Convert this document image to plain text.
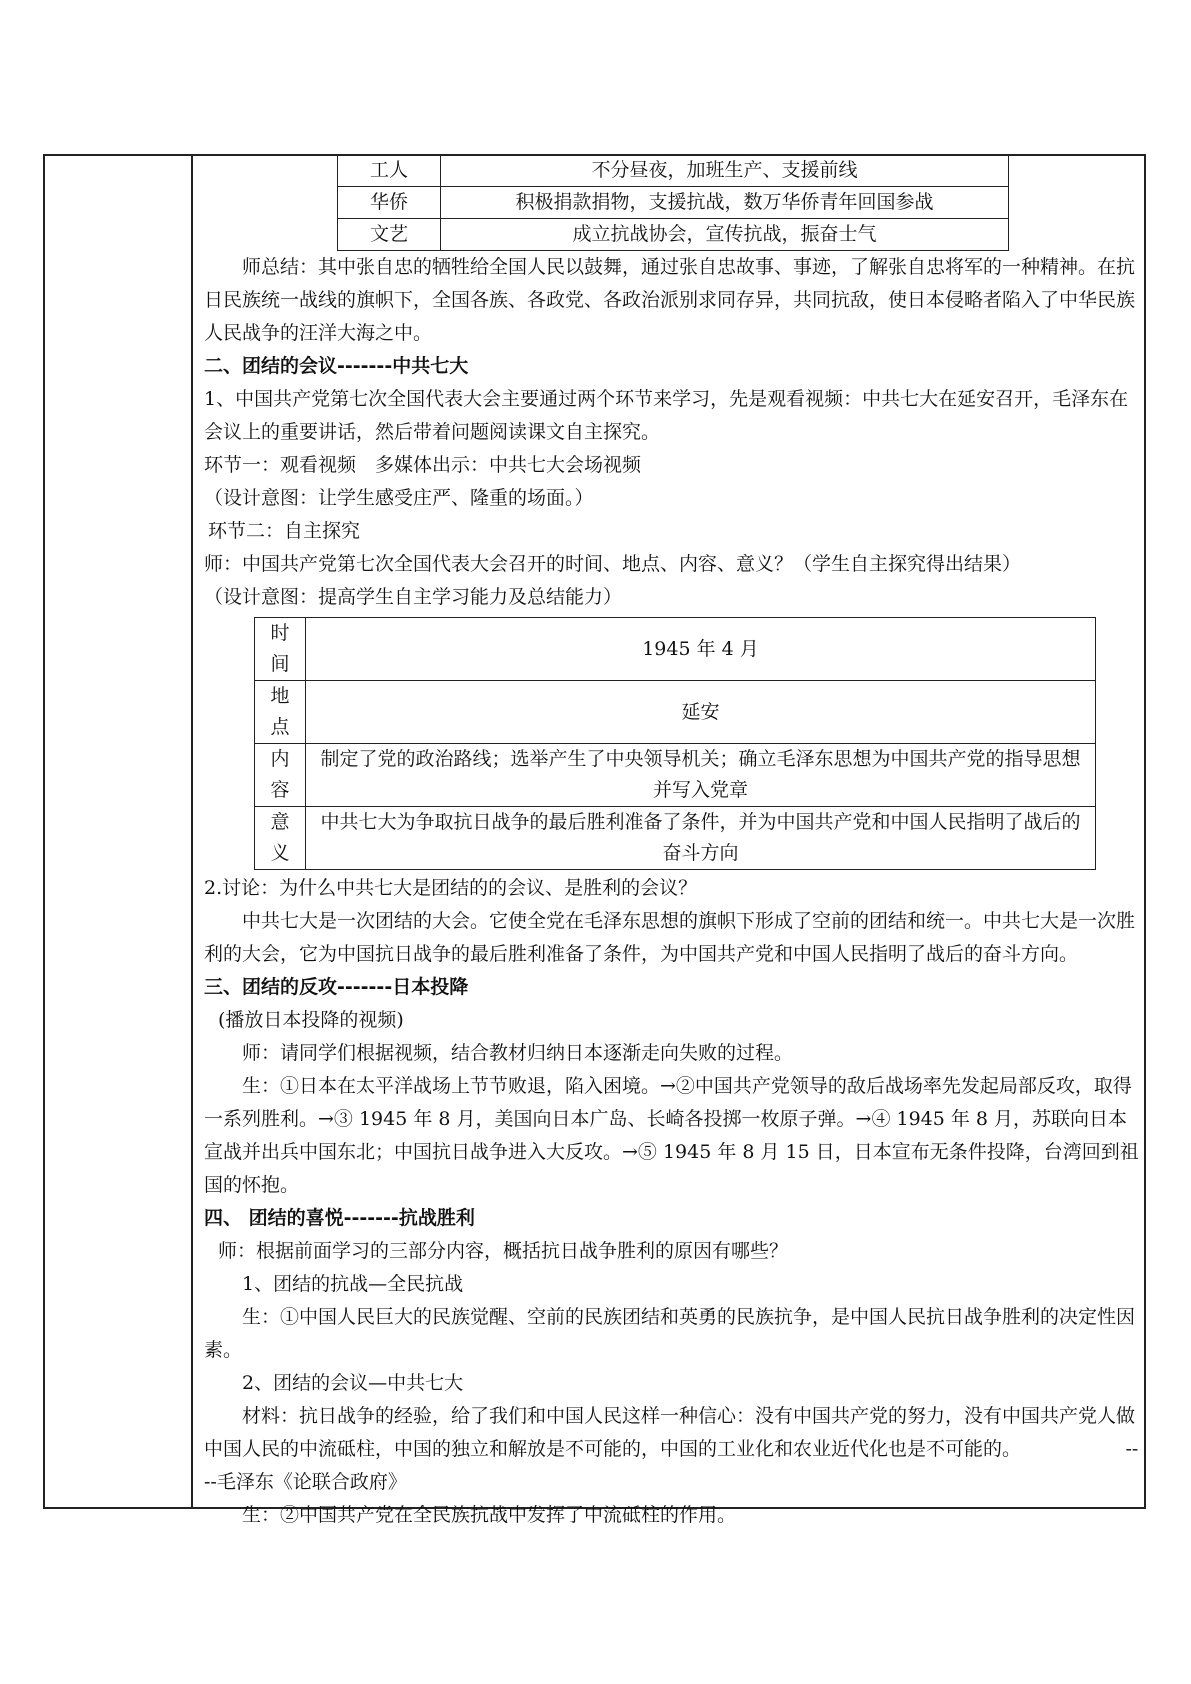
工人	不分昼夜，加班生产、支援前线
华侨	积极捐款捐物，支援抗战，数万华侨青年回国参战
文艺	成立抗战协会，宣传抗战，振奋士气

师总结：其中张自忠的牺牲给全国人民以鼓舞，通过张自忠故事、事迹，了解张自忠将军的一种精神。在抗日民族统一战线的旗帜下，全国各族、各政党、各政治派别求同存异，共同抗敌，使日本侵略者陷入了中华民族人民战争的汪洋大海之中。

二、团结的会议-------中共七大

1、中国共产党第七次全国代表大会主要通过两个环节来学习，先是观看视频：中共七大在延安召开，毛泽东在会议上的重要讲话，然后带着问题阅读课文自主探究。

环节一：观看视频　多媒体出示：中共七大会场视频

（设计意图：让学生感受庄严、隆重的场面。）

环节二：自主探究

师：中国共产党第七次全国代表大会召开的时间、地点、内容、意义？（学生自主探究得出结果）

（设计意图：提高学生自主学习能力及总结能力）

时间	1945 年 4 月

地点	延安

内容	制定了党的政治路线；选举产生了中央领导机关；确立毛泽东思想为中国共产党的指导思想并写入党章

意义	中共七大为争取抗日战争的最后胜利准备了条件，并为中国共产党和中国人民指明了战后的奋斗方向

2.讨论：为什么中共七大是团结的的会议、是胜利的会议？

中共七大是一次团结的大会。它使全党在毛泽东思想的旗帜下形成了空前的团结和统一。中共七大是一次胜利的大会，它为中国抗日战争的最后胜利准备了条件，为中国共产党和中国人民指明了战后的奋斗方向。

三、团结的反攻-------日本投降

(播放日本投降的视频)

师：请同学们根据视频，结合教材归纳日本逐渐走向失败的过程。

生：①日本在太平洋战场上节节败退，陷入困境。→②中国共产党领导的敌后战场率先发起局部反攻，取得一系列胜利。→③ 1945 年 8 月，美国向日本广岛、长崎各投掷一枚原子弹。→④ 1945 年 8 月，苏联向日本宣战并出兵中国东北；中国抗日战争进入大反攻。→⑤ 1945 年 8 月 15 日，日本宣布无条件投降，台湾回到祖国的怀抱。

四、 团结的喜悦-------抗战胜利

师：根据前面学习的三部分内容，概括抗日战争胜利的原因有哪些？

1、团结的抗战—全民抗战

生：①中国人民巨大的民族觉醒、空前的民族团结和英勇的民族抗争，是中国人民抗日战争胜利的决定性因素。

2、团结的会议—中共七大

材料：抗日战争的经验，给了我们和中国人民这样一种信心：没有中国共产党的努力，没有中国共产党人做中国人民的中流砥柱，中国的独立和解放是不可能的，中国的工业化和农业近代化也是不可能的。　　　　　　----毛泽东《论联合政府》

生：②中国共产党在全民族抗战中发挥了中流砥柱的作用。
